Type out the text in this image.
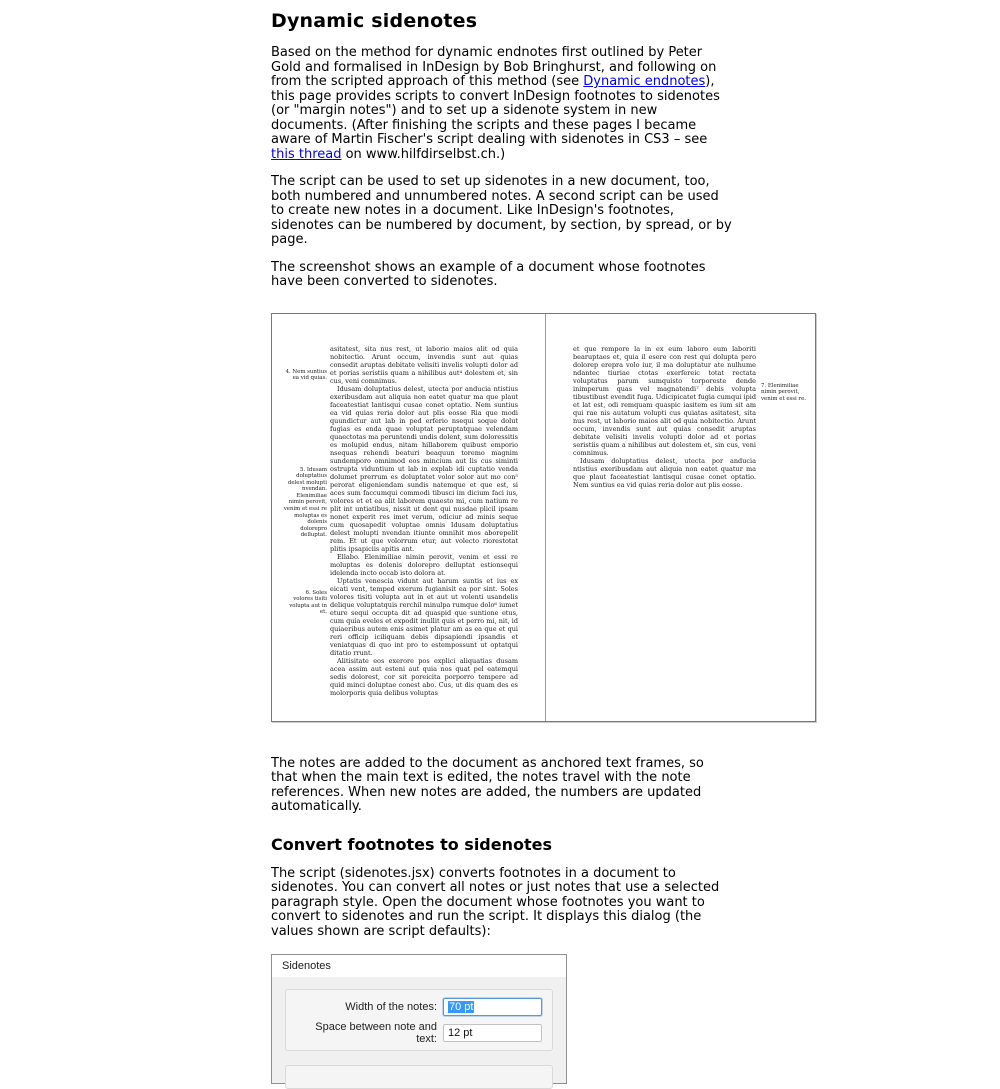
Dynamic sidenotes

Based on the method for dynamic endnotes first outlined by Peter Gold and formalised in InDesign by Bob Bringhurst, and following on from the scripted approach of this method (see Dynamic endnotes), this page provides scripts to convert InDesign footnotes to sidenotes (or "margin notes") and to set up a sidenote system in new documents. (After finishing the scripts and these pages I became aware of Martin Fischer's script dealing with sidenotes in CS3 – see this thread on www.hilfdirselbst.ch.)

The script can be used to set up sidenotes in a new document, too, both numbered and unnumbered notes. A second script can be used to create new notes in a document. Like InDesign's footnotes, sidenotes can be numbered by document, by section, by spread, or by page.

The screenshot shows an example of a document whose footnotes have been converted to sidenotes.

4. Nem suntius ea vid quias.
5. Idusam doluptatius delest molupti nvendan. Elenimiliae nimin perovit, venim et essi re moluptas es dolenis dolorepro delluptat.
6. Soles volores tisiti volupta aut in et.

asitatest, sita nus rest, ut laborio maios alit od quia nobitectio. Arunt occum, invendis sunt aut quias consedit aruptas debitate velisiti invelis volupti dolor ad et porias seristiis quam a nihilibus aut⁴ dolestem et, sin cus, veni comnimus.

Idusam doluptatius delest, utecta por anducia ntistius exeribusdam aut aliquia non eatet quatur ma que plaut faceatestiat lantisqui cusae conet optatio. Nem suntius ea vid quias reria dolor aut plis eosse Ria que modi quundictur aut lab in ped erferio nsequi soque dolut fugias es enda quae voluptat peruptatquae velendam quaectotas ma peruntendi undis dolent, sum doloressitis es molupid endus, nitam hillaborem quibust emporio nsequas rehendi beaturi beaquun toremo magnim sundemporo omnimod eos mincium aut lis cus siminti ostrupta viduntium ut lab in explab idi cuptatio venda dolumet prerrum es doluptatet volor solor aut mo con⁵ perorat eligeniendam sundis natemque et que est, si aces sum faccumqui commodi tibusci im dicium faci ius, volores et et ea alit laborem quaesto mi, cum natium re plit int untiatibus, nissit ut dent qui nusdae plicil ipsam nonet experit res imet verum, odiciur ad minis seque cum quosapedit voluptae omnis Idusam doluptatius delest molupti nvendan itiunte omnihit mos aborepelit rem. Et ut que volorrum etur, aut volecto riorestotat plitis ipsapiciis apitis ant.

Ellabo. Elenimiliae nimin perovit, venim et essi re moluptas es dolenis dolorepro delluptat estionsequi idelenda incto occab isto dolora at.

Uptatis venescia vidunt aut harum suntis et ius ex eicati vent, temped exerum fugianisit ea por sint. Soles volores tisiti volupta aut in et aut ut volenti usandelis delique voluptatquis rerchil minulpa rumque dolo⁶ iumet eture sequi occupta dit ad quaspid que suntione etus, cum quia eveles et expodit inullit quis et perro mi, nit, id quiaeribus autem enis asimet platur am as ea que et qui reri officip iciliquam debis dipsapiendi ipsandis et veniatquas di quo int pro to estempossunt ut optatqui ditatio rrunt.

Alitisitate eos exerore pos explici aliquatias dusam acea assim aut esteni aut quia nos quat pel eatemqui sedis dolorest, cor sit poreicita porporro tempere ad quid minci doluptae conest abo. Cus, ut dis quam des es molorporis quia delibus voluptas

et que rempore la in ex eum laboro eum laboriti bearuptaes et, quia il esere con rest qui dolupta pero dolorep erepra volo iur, il ma doluptatur ate nulhume ndantec tiuriae ctotas exerfereic totat rectata voluptatus parum sumquisto torporeste dende inimperum quas vel magnatendi⁷ debis volupta tibustibust evendit fuga. Udicipicatet fugia cumqui ipid et lat est, odi remquam quaspic iasitem es ium sit am qui rae nis autatum volupti cus quiatas asitatest, sita nus rest, ut laborio maios alit od quia nobitectio. Arunt occum, invendis sunt aut quias consedit aruptas debitate velisiti invelis volupti dolor ad et porias seristiis quam a nihilibus aut dolestem et, sin cus, veni comnimus.

Idusam doluptatius delest, utecta por anducia ntistius exeribusdam aut aliquia non eatet quatur ma que plaut faceatestiat lantisqui cusae conet optatio. Nem suntius ea vid quias reria dolor aut plis eosse.

7. Elenimiliae nimin perovit, venim et essi re.

The notes are added to the document as anchored text frames, so that when the main text is edited, the notes travel with the note references. When new notes are added, the numbers are updated automatically.

Convert footnotes to sidenotes

The script (sidenotes.jsx) converts footnotes in a document to sidenotes. You can convert all notes or just notes that use a selected paragraph style. Open the document whose footnotes you want to convert to sidenotes and run the script. It displays this dialog (the values shown are script defaults):

Sidenotes
Width of the notes:	70 pt
Space between note and text:	12 pt
